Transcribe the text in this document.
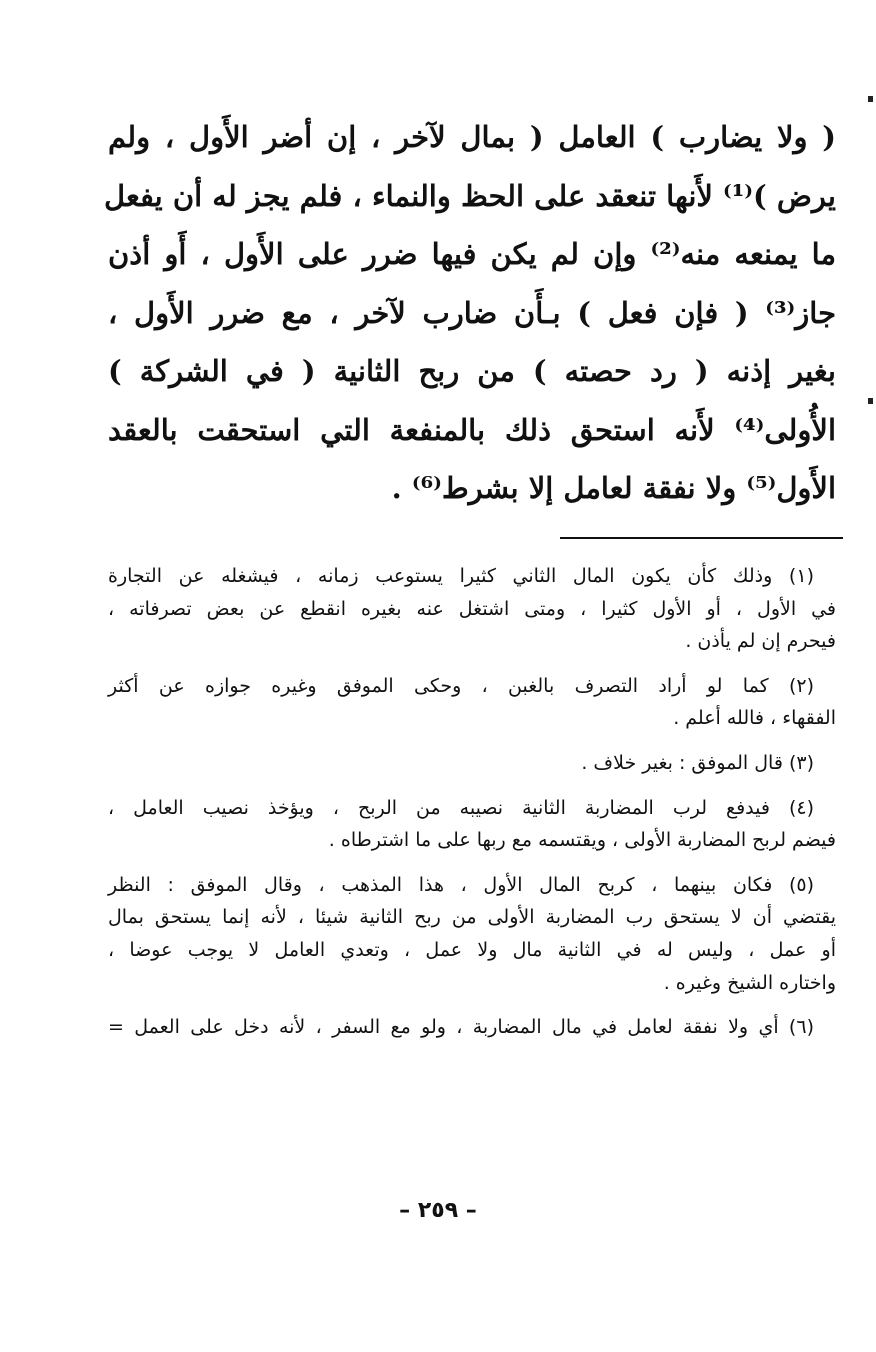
( ولا يضارب ) العامل ( بمال لآخر ، إن أضر الأَول ، ولم
يرض )⁽¹⁾ لأَنها تنعقد على الحظ والنماء ، فلم يجز له أن يفعل
ما يمنعه منه⁽²⁾ وإن لم يكن فيها ضرر على الأَول ، أَو أذن
جاز⁽³⁾ ( فإن فعل ) بـأَن ضارب لآخر ، مع ضرر الأَول ،
بغير إذنه ( رد حصته ) من ربح الثانية ( في الشركة )
الأُولى⁽⁴⁾ لأَنه استحق ذلك بالمنفعة التي استحقت بالعقد
الأَول⁽⁵⁾ ولا نفقة لعامل إلا بشرط⁽⁶⁾ .
(١) وذلك كأن يكون المال الثاني كثيرا يستوعب زمانه ، فيشغله عن التجارة
في الأول ، أو الأول كثيرا ، ومتى اشتغل عنه بغيره انقطع عن بعض تصرفاته ،
فيحرم إن لم يأذن .
(٢) كما لو أراد التصرف بالغبن ، وحكى الموفق وغيره جوازه عن أكثر
الفقهاء ، فالله أعلم .
(٣) قال الموفق : بغير خلاف .
(٤) فيدفع لرب المضاربة الثانية نصيبه من الربح ، ويؤخذ نصيب العامل ،
فيضم لربح المضاربة الأولى ، ويقتسمه مع ربها على ما اشترطاه .
(٥) فكان بينهما ، كربح المال الأول ، هذا المذهب ، وقال الموفق : النظر
يقتضي أن لا يستحق رب المضاربة الأولى من ربح الثانية شيئا ، لأنه إنما يستحق بمال
أو عمل ، وليس له في الثانية مال ولا عمل ، وتعدي العامل لا يوجب عوضا ،
واختاره الشيخ وغيره .
(٦) أي ولا نفقة لعامل في مال المضاربة ، ولو مع السفر ، لأنه دخل على العمل =
– ٢٥٩ –
